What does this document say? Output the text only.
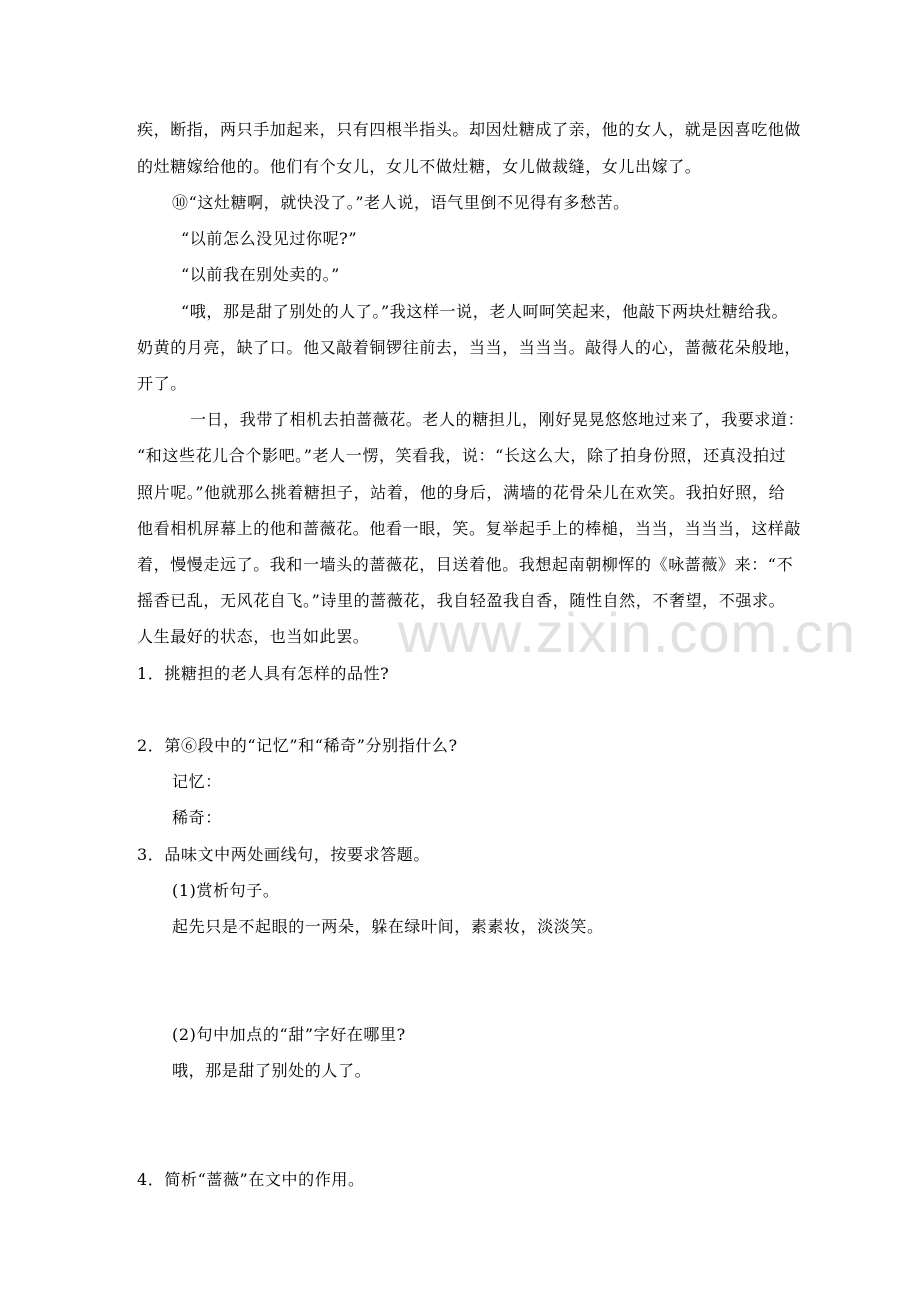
疾，断指，两只手加起来，只有四根半指头。却因灶糖成了亲，他的女人，就是因喜吃他做
的灶糖嫁给他的。他们有个女儿，女儿不做灶糖，女儿做裁缝，女儿出嫁了。
⑩“这灶糖啊，就快没了。”老人说，语气里倒不见得有多愁苦。
“以前怎么没见过你呢?”
“以前我在别处卖的。”
“哦，那是甜了别处的人了。”我这样一说，老人呵呵笑起来，他敲下两块灶糖给我。
奶黄的月亮，缺了口。他又敲着铜锣往前去，当当，当当当。敲得人的心，蔷薇花朵般地，
开了。
一日，我带了相机去拍蔷薇花。老人的糖担儿，刚好晃晃悠悠地过来了，我要求道：
“和这些花儿合个影吧。”老人一愣，笑看我，说：“长这么大，除了拍身份照，还真没拍过
照片呢。”他就那么挑着糖担子，站着，他的身后，满墙的花骨朵儿在欢笑。我拍好照，给
他看相机屏幕上的他和蔷薇花。他看一眼，笑。复举起手上的棒槌，当当，当当当，这样敲
着，慢慢走远了。我和一墙头的蔷薇花，目送着他。我想起南朝柳恽的《咏蔷薇》来：“不
摇香已乱，无风花自飞。”诗里的蔷薇花，我自轻盈我自香，随性自然，不奢望，不强求。
人生最好的状态，也当如此罢。
1．挑糖担的老人具有怎样的品性?
2．第⑥段中的“记忆”和“稀奇”分别指什么?
记忆：
稀奇：
3．品味文中两处画线句，按要求答题。
(1)赏析句子。
起先只是不起眼的一两朵，躲在绿叶间，素素妆，淡淡笑。
(2)句中加点的“甜”字好在哪里?
哦，那是甜了别处的人了。
4．简析“蔷薇”在文中的作用。
www.zixin.com.cn
